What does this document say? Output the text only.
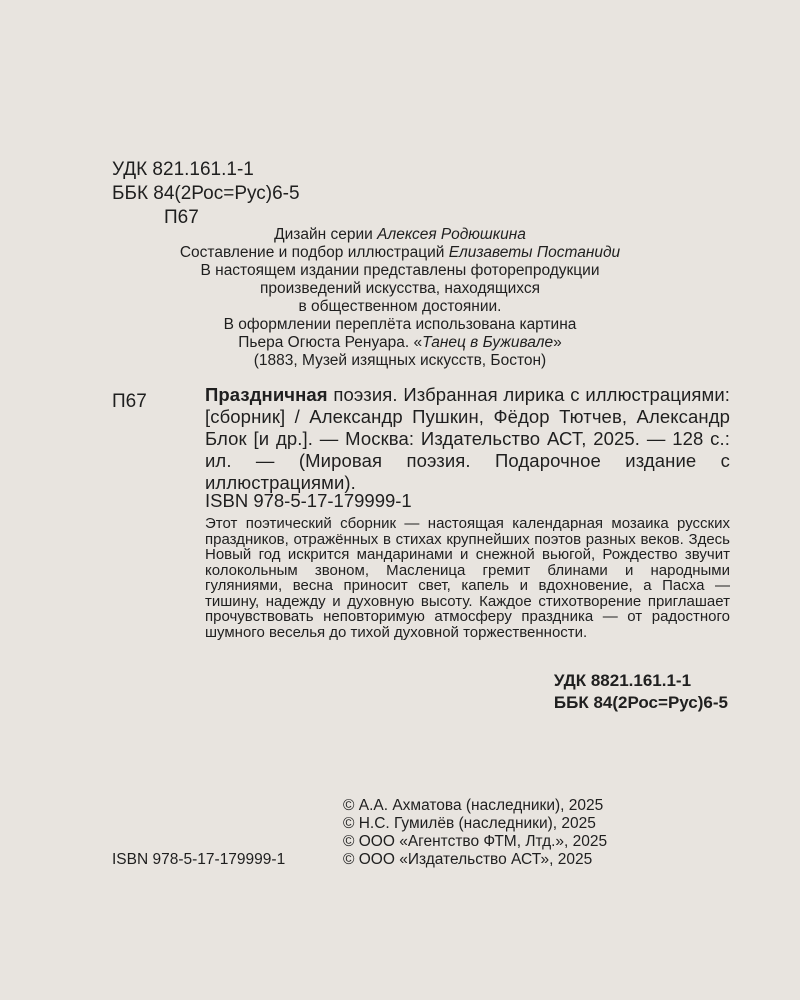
УДК 821.161.1-1
ББК 84(2Рос=Рус)6-5
П67
Дизайн серии Алексея Родюшкина
Составление и подбор иллюстраций Елизаветы Постаниди
В настоящем издании представлены фоторепродукции
произведений искусства, находящихся
в общественном достоянии.
В оформлении переплёта использована картина
Пьера Огюста Ренуара. «Танец в Буживале»
(1883, Музей изящных искусств, Бостон)
П67	Праздничная поэзия. Избранная лирика с иллюстрациями: [сборник] / Александр Пушкин, Фёдор Тютчев, Александр Блок [и др.]. — Москва: Издательство АСТ, 2025. — 128 с.: ил. — (Мировая поэзия. Подарочное издание с иллюстрациями).
ISBN 978-5-17-179999-1
Этот поэтический сборник — настоящая календарная мозаика русских праздников, отражённых в стихах крупнейших поэтов разных веков. Здесь Новый год искрится мандаринами и снежной вьюгой, Рождество звучит колокольным звоном, Масленица гремит блинами и народными гуляниями, весна приносит свет, капель и вдохновение, а Пасха — тишину, надежду и духовную высоту. Каждое стихотворение приглашает прочувствовать неповторимую атмосферу праздника — от радостного шумного веселья до тихой духовной торжественности.
УДК 8821.161.1-1
ББК 84(2Рос=Рус)6-5
© А.А. Ахматова (наследники), 2025
© Н.С. Гумилёв (наследники), 2025
© ООО «Агентство ФТМ, Лтд.», 2025
© ООО «Издательство АСТ», 2025
ISBN 978-5-17-179999-1
